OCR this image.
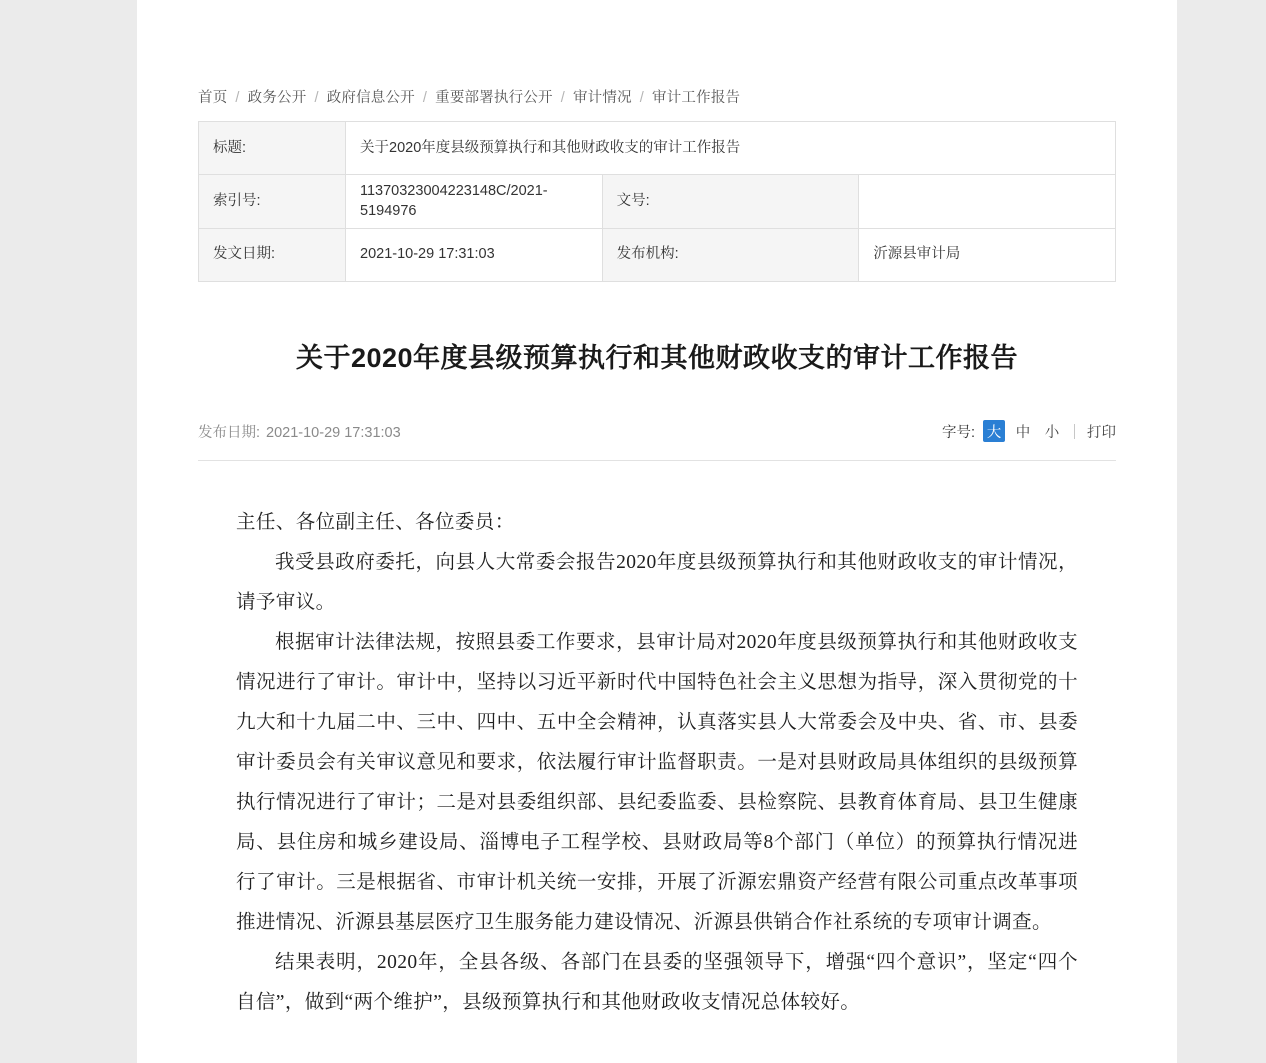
首页 / 政务公开 / 政府信息公开 / 重要部署执行公开 / 审计情况 / 审计工作报告
标题:	关于2020年度县级预算执行和其他财政收支的审计工作报告		
索引号:	11370323004223148C/2021-5194976	文号:	
发文日期:	2021-10-29 17:31:03	发布机构:	沂源县审计局
关于2020年度县级预算执行和其他财政收支的审计工作报告
发布日期: 2021-10-29 17:31:03	字号: 大 中 小 打印

主任、各位副主任、各位委员：

我受县政府委托，向县人大常委会报告2020年度县级预算执行和其他财政收支的审计情况，请予审议。

根据审计法律法规，按照县委工作要求，县审计局对2020年度县级预算执行和其他财政收支情况进行了审计。审计中，坚持以习近平新时代中国特色社会主义思想为指导，深入贯彻党的十九大和十九届二中、三中、四中、五中全会精神，认真落实县人大常委会及中央、省、市、县委审计委员会有关审议意见和要求，依法履行审计监督职责。一是对县财政局具体组织的县级预算执行情况进行了审计；二是对县委组织部、县纪委监委、县检察院、县教育体育局、县卫生健康局、县住房和城乡建设局、淄博电子工程学校、县财政局等8个部门（单位）的预算执行情况进行了审计。三是根据省、市审计机关统一安排，开展了沂源宏鼎资产经营有限公司重点改革事项推进情况、沂源县基层医疗卫生服务能力建设情况、沂源县供销合作社系统的专项审计调查。

结果表明，2020年，全县各级、各部门在县委的坚强领导下，增强“四个意识”，坚定“四个自信”，做到“两个维护”，县级预算执行和其他财政收支情况总体较好。
